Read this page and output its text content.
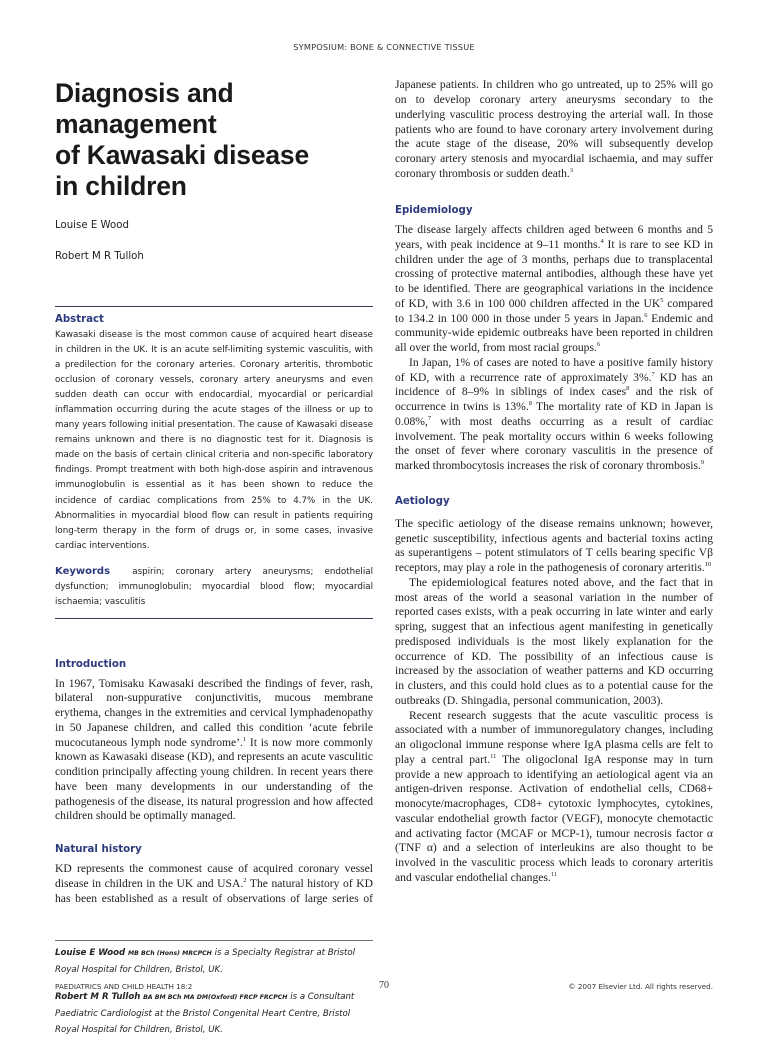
SYMPOSIUM: BONE & CONNECTIVE TISSUE
Diagnosis and management
of Kawasaki disease
in children

Louise E Wood

Robert M R Tulloh

Abstract

Kawasaki disease is the most common cause of acquired heart disease in children in the UK. It is an acute self-limiting systemic vasculitis, with a predilection for the coronary arteries. Coronary arteritis, thrombotic occlusion of coronary vessels, coronary artery aneurysms and even sudden death can occur with endocardial, myocardial or pericardial inflammation occurring during the acute stages of the illness or up to many years following initial presentation. The cause of Kawasaki disease remains unknown and there is no diagnostic test for it. Diagnosis is made on the basis of certain clinical criteria and non-specific laboratory findings. Prompt treatment with both high-dose aspirin and intravenous immunoglobulin is essential as it has been shown to reduce the incidence of cardiac complications from 25% to 4.7% in the UK. Abnormalities in myocardial blood flow can result in patients requiring long-term therapy in the form of drugs or, in some cases, invasive cardiac interventions.

Keywords	aspirin; coronary artery aneurysms; endothelial dysfunction; immunoglobulin; myocardial blood flow; myocardial ischaemia; vasculitis

Introduction

In 1967, Tomisaku Kawasaki described the findings of fever, rash, bilateral non-suppurative conjunctivitis, mucous membrane erythema, changes in the extremities and cervical lymphadenopathy in 50 Japanese children, and called this condition ‘acute febrile mucocutaneous lymph node syndrome’.$^1$ It is now more commonly known as Kawasaki disease (KD), and represents an acute vasculitic condition principally affecting young children. In recent years there have been many developments in our understanding of the pathogenesis of the disease, its natural progression and how affected children should be optimally managed.

Natural history

KD represents the commonest cause of acquired coronary vessel disease in children in the UK and USA.$^2$ The natural history of KD has been established as a result of observations of large series of

Louise E Wood MB BCh (Hons) MRCPCH is a Specialty Registrar at Bristol Royal Hospital for Children, Bristol, UK.

Robert M R Tulloh BA BM BCh MA DM(Oxford) FRCP FRCPCH is a Consultant Paediatric Cardiologist at the Bristol Congenital Heart Centre, Bristol Royal Hospital for Children, Bristol, UK.

Japanese patients. In children who go untreated, up to 25% will go on to develop coronary artery aneurysms secondary to the underlying vasculitic process destroying the arterial wall. In those patients who are found to have coronary artery involvement during the acute stage of the disease, 20% will subsequently develop coronary artery stenosis and myocardial ischaemia, and may suffer coronary thrombosis or sudden death.$^3$

Epidemiology

The disease largely affects children aged between 6 months and 5 years, with peak incidence at 9–11 months.$^4$ It is rare to see KD in children under the age of 3 months, perhaps due to transplacental crossing of protective maternal antibodies, although these have yet to be identified. There are geographical variations in the incidence of KD, with 3.6 in 100 000 children affected in the $UK^5$ compared to 134.2 in 100 000 in those under 5 years in Japan.$^6$ Endemic and community-wide epidemic outbreaks have been reported in children all over the world, from most racial groups.$^6$

In Japan, 1% of cases are noted to have a positive family history of KD, with a recurrence rate of approximately 3%.$^7$ KD has an incidence of 8–9% in siblings of index cases$^8$ and the risk of occurrence in twins is 13%.$^8$ The mortality rate of KD in Japan is 0.08%,$^7$ with most deaths occurring as a result of cardiac involvement. The peak mortality occurs within 6 weeks following the onset of fever where coronary vasculitis in the presence of marked thrombocytosis increases the risk of coronary thrombosis.$^9$

Aetiology

The specific aetiology of the disease remains unknown; however, genetic susceptibility, infectious agents and bacterial toxins acting as superantigens – potent stimulators of T cells bearing specific Vβ receptors, may play a role in the pathogenesis of coronary arteritis.$^{10}$

The epidemiological features noted above, and the fact that in most areas of the world a seasonal variation in the number of reported cases exists, with a peak occurring in late winter and early spring, suggest that an infectious agent manifesting in genetically predisposed individuals is the most likely explanation for the occurrence of KD. The possibility of an infectious cause is increased by the association of weather patterns and KD occurring in clusters, and this could hold clues as to a potential cause for the outbreaks (D. Shingadia, personal communication, 2003).

Recent research suggests that the acute vasculitic process is associated with a number of immunoregulatory changes, including an oligoclonal immune response where IgA plasma cells are felt to play a central part.$^{11}$ The oligoclonal IgA response may in turn provide a new approach to identifying an aetiological agent via an antigen-driven response. Activation of endothelial cells, CD68+ monocyte/macrophages, CD8+ cytotoxic lymphocytes, cytokines, vascular endothelial growth factor (VEGF), monocyte chemotactic and activating factor (MCAF or MCP-1), tumour necrosis factor α (TNF α) and a selection of interleukins are also thought to be involved in the vasculitic process which leads to coronary arteritis and vascular endothelial changes.$^{11}$

PAEDIATRICS AND CHILD HEALTH 18:2	70	© 2007 Elsevier Ltd. All rights reserved.
